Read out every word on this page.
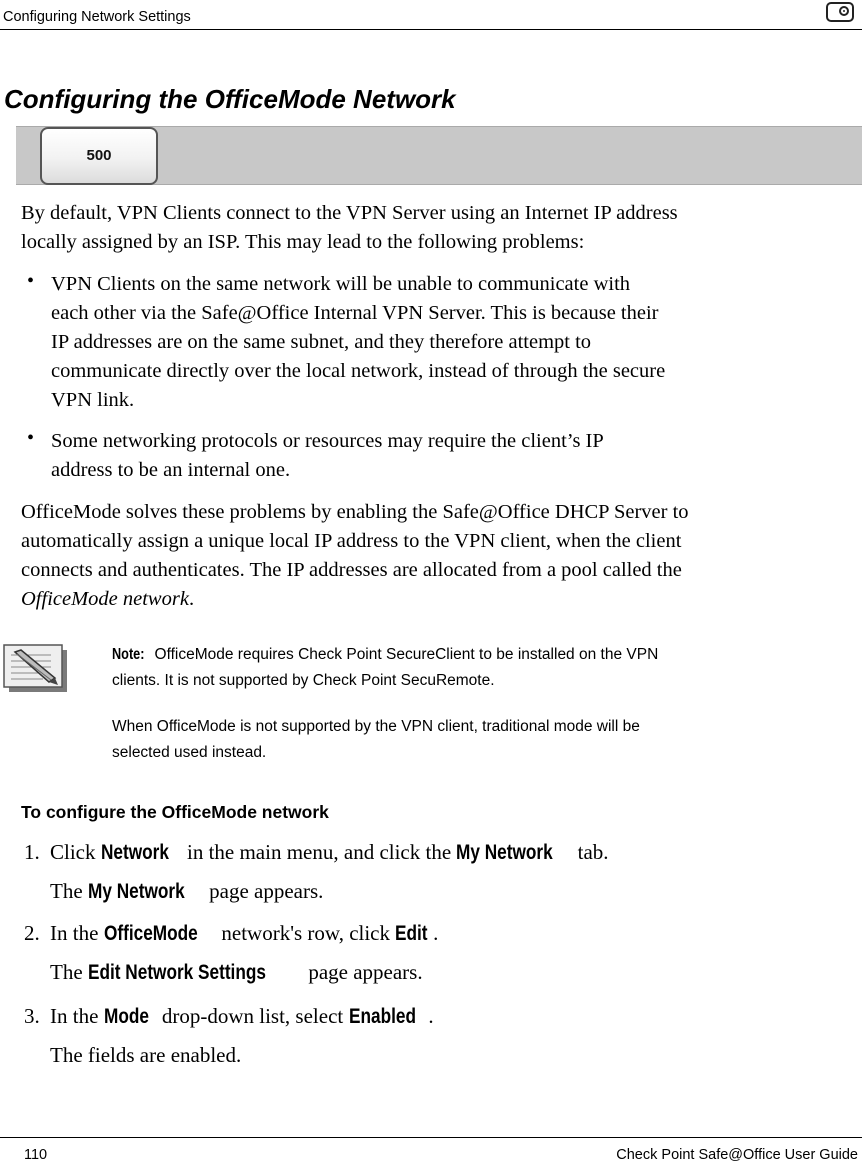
Configuring Network Settings
Configuring the OfficeMode Network
500
By default, VPN Clients connect to the VPN Server using an Internet IP address
locally assigned by an ISP. This may lead to the following problems:
• VPN Clients on the same network will be unable to communicate with
each other via the Safe@Office Internal VPN Server. This is because their
IP addresses are on the same subnet, and they therefore attempt to
communicate directly over the local network, instead of through the secure
VPN link.
• Some networking protocols or resources may require the client’s IP
address to be an internal one.
OfficeMode solves these problems by enabling the Safe@Office DHCP Server to
automatically assign a unique local IP address to the VPN client, when the client
connects and authenticates. The IP addresses are allocated from a pool called the
OfficeMode network.
Note: OfficeMode requires Check Point SecureClient to be installed on the VPN
clients. It is not supported by Check Point SecuRemote.
When OfficeMode is not supported by the VPN client, traditional mode will be
selected used instead.
To configure the OfficeMode network
1. Click Network in the main menu, and click the My Network tab.
The My Network page appears.
2. In the OfficeMode network's row, click Edit .
The Edit Network Settings page appears.
3. In the Mode drop-down list, select Enabled .
The fields are enabled.
110	Check Point Safe@Office User Guide
